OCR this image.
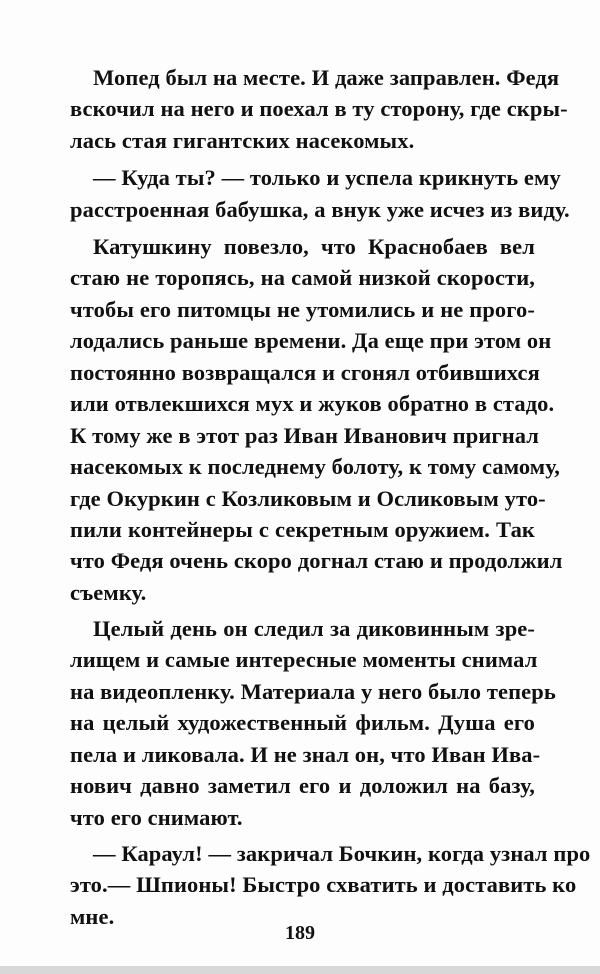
Мопед был на месте. И даже заправлен. Федя
вскочил на него и поехал в ту сторону, где скры-
лась стая гигантских насекомых.
— Куда ты? — только и успела крикнуть ему
расстроенная бабушка, а внук уже исчез из виду.
Катушкину повезло, что Краснобаев вел
стаю не торопясь, на самой низкой скорости,
чтобы его питомцы не утомились и не прого-
лодались раньше времени. Да еще при этом он
постоянно возвращался и сгонял отбившихся
или отвлекшихся мух и жуков обратно в стадо.
К тому же в этот раз Иван Иванович пригнал
насекомых к последнему болоту, к тому самому,
где Окуркин с Козликовым и Осликовым уто-
пили контейнеры с секретным оружием. Так
что Федя очень скоро догнал стаю и продолжил
съемку.
Целый день он следил за диковинным зре-
лищем и самые интересные моменты снимал
на видеопленку. Материала у него было теперь
на целый художественный фильм. Душа его
пела и ликовала. И не знал он, что Иван Ива-
нович давно заметил его и доложил на базу,
что его снимают.
— Караул! — закричал Бочкин, когда узнал про
это.— Шпионы! Быстро схватить и доставить ко
мне.
189
